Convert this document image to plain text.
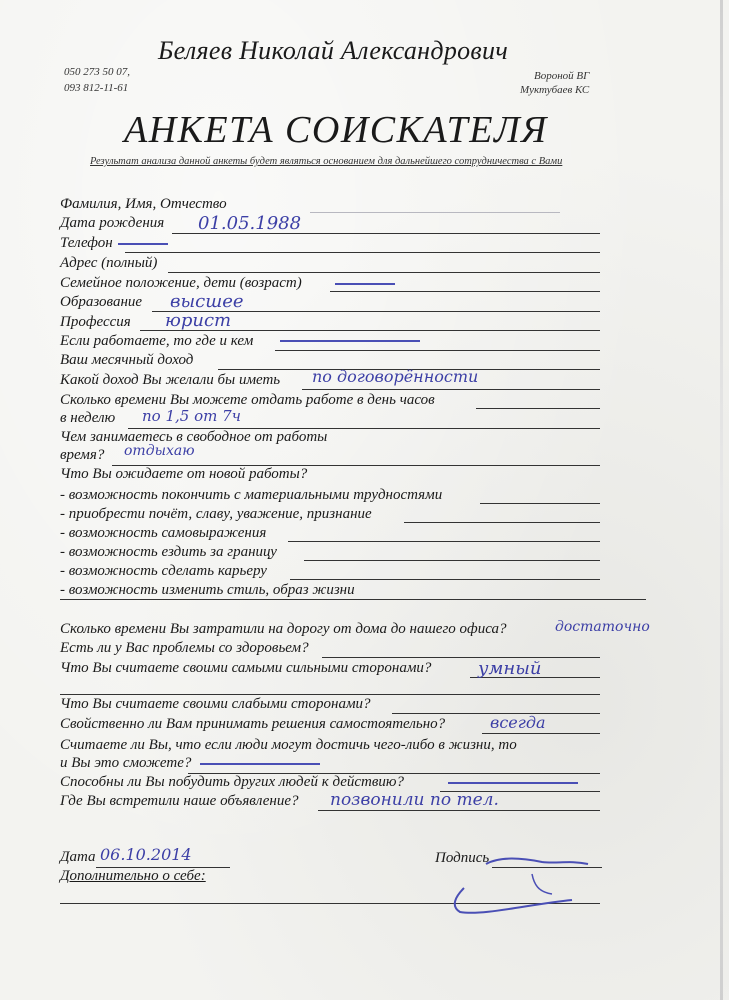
Беляев Николай Александрович
050 273 50 07,
093 812-11-61
Вороной ВГ
Муктубаев КС
АНКЕТА СОИСКАТЕЛЯ
Результат анализа данной анкеты будет являться основанием для дальнейшего сотрудничества с Вами
Фамилия, Имя, Отчество
Дата рождения 01.05.1988
Телефон
Адрес (полный)
Семейное положение, дети (возраст)
Образование высшее
Профессия юрист
Если работаете, то где и кем
Ваш месячный доход
Какой доход Вы желали бы иметь по договорённости
Сколько времени Вы можете отдать работе в день часов
в неделю по 1,5 от 7ч
Чем занимаетесь в свободное от работы
время? отдыхаю
Что Вы ожидаете от новой работы?
- возможность покончить с материальными трудностями
- приобрести почёт, славу, уважение, признание
- возможность самовыражения
- возможность ездить за границу
- возможность сделать карьеру
- возможность изменить стиль, образ жизни
Сколько времени Вы затратили на дорогу от дома до нашего офиса?	достаточно
Есть ли у Вас проблемы со здоровьем?
Что Вы считаете своими самыми сильными сторонами?	умный
Что Вы считаете своими слабыми сторонами?
Свойственно ли Вам принимать решения самостоятельно?	всегда
Считаете ли Вы, что если люди могут достичь чего-либо в жизни, то
и Вы это сможете?
Способны ли Вы побудить других людей к действию?
Где Вы встретили наше объявление? позвонили по тел.
Дата 06.10.2014	Подпись
Дополнительно о себе:
